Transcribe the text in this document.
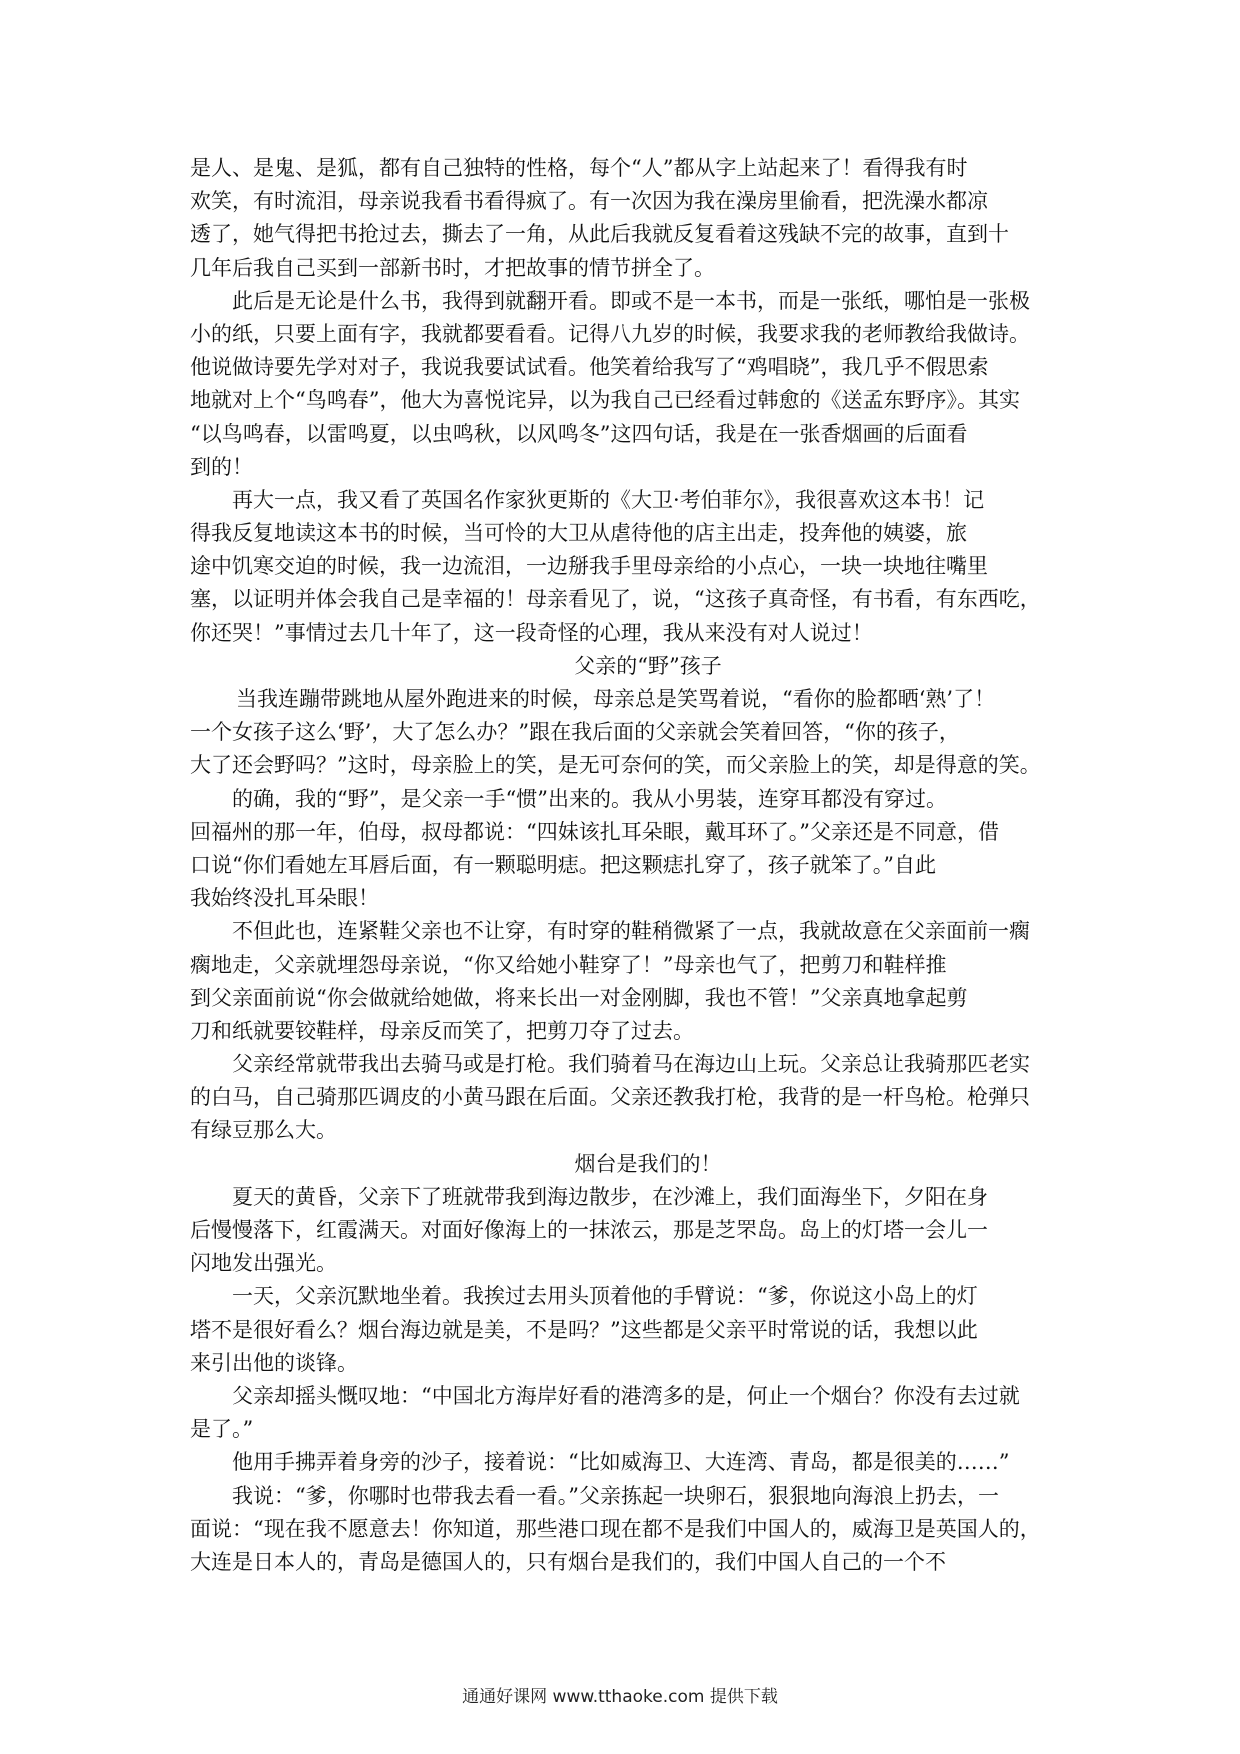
是人、是鬼、是狐，都有自己独特的性格，每个“人”都从字上站起来了！看得我有时
欢笑，有时流泪，母亲说我看书看得疯了。有一次因为我在澡房里偷看，把洗澡水都凉
透了，她气得把书抢过去，撕去了一角，从此后我就反复看着这残缺不完的故事，直到十
几年后我自己买到一部新书时，才把故事的情节拼全了。
此后是无论是什么书，我得到就翻开看。即或不是一本书，而是一张纸，哪怕是一张极
小的纸，只要上面有字，我就都要看看。记得八九岁的时候，我要求我的老师教给我做诗。
他说做诗要先学对对子，我说我要试试看。他笑着给我写了“鸡唱晓”，我几乎不假思索
地就对上个“鸟鸣春”，他大为喜悦诧异，以为我自己已经看过韩愈的《送孟东野序》。其实
“以鸟鸣春，以雷鸣夏，以虫鸣秋，以风鸣冬”这四句话，我是在一张香烟画的后面看
到的！
再大一点，我又看了英国名作家狄更斯的《大卫·考伯菲尔》，我很喜欢这本书！记
得我反复地读这本书的时候，当可怜的大卫从虐待他的店主出走，投奔他的姨婆，旅
途中饥寒交迫的时候，我一边流泪，一边掰我手里母亲给的小点心，一块一块地往嘴里
塞，以证明并体会我自己是幸福的！母亲看见了，说，“这孩子真奇怪，有书看，有东西吃，
你还哭！”事情过去几十年了，这一段奇怪的心理，我从来没有对人说过！
父亲的“野”孩子
当我连蹦带跳地从屋外跑进来的时候，母亲总是笑骂着说，“看你的脸都晒‘熟’了！
一个女孩子这么‘野’，大了怎么办？”跟在我后面的父亲就会笑着回答，“你的孩子，
大了还会野吗？”这时，母亲脸上的笑，是无可奈何的笑，而父亲脸上的笑，却是得意的笑。
的确，我的“野”，是父亲一手“惯”出来的。我从小男装，连穿耳都没有穿过。
回福州的那一年，伯母，叔母都说：“四妹该扎耳朵眼，戴耳环了。”父亲还是不同意，借
口说“你们看她左耳唇后面，有一颗聪明痣。把这颗痣扎穿了，孩子就笨了。”自此
我始终没扎耳朵眼！
不但此也，连紧鞋父亲也不让穿，有时穿的鞋稍微紧了一点，我就故意在父亲面前一瘸
瘸地走，父亲就埋怨母亲说，“你又给她小鞋穿了！”母亲也气了，把剪刀和鞋样推
到父亲面前说“你会做就给她做，将来长出一对金刚脚，我也不管！”父亲真地拿起剪
刀和纸就要铰鞋样，母亲反而笑了，把剪刀夺了过去。
父亲经常就带我出去骑马或是打枪。我们骑着马在海边山上玩。父亲总让我骑那匹老实
的白马，自己骑那匹调皮的小黄马跟在后面。父亲还教我打枪，我背的是一杆鸟枪。枪弹只
有绿豆那么大。
烟台是我们的！
夏天的黄昏，父亲下了班就带我到海边散步，在沙滩上，我们面海坐下，夕阳在身
后慢慢落下，红霞满天。对面好像海上的一抹浓云，那是芝罘岛。岛上的灯塔一会儿一
闪地发出强光。
一天，父亲沉默地坐着。我挨过去用头顶着他的手臂说：“爹，你说这小岛上的灯
塔不是很好看么？烟台海边就是美，不是吗？”这些都是父亲平时常说的话，我想以此
来引出他的谈锋。
父亲却摇头慨叹地：“中国北方海岸好看的港湾多的是，何止一个烟台？你没有去过就
是了。”
他用手拂弄着身旁的沙子，接着说：“比如威海卫、大连湾、青岛，都是很美的……”
我说：“爹，你哪时也带我去看一看。”父亲拣起一块卵石，狠狠地向海浪上扔去，一
面说：“现在我不愿意去！你知道，那些港口现在都不是我们中国人的，威海卫是英国人的，
大连是日本人的，青岛是德国人的，只有烟台是我们的，我们中国人自己的一个不
通通好课网 www.tthaoke.com 提供下载
